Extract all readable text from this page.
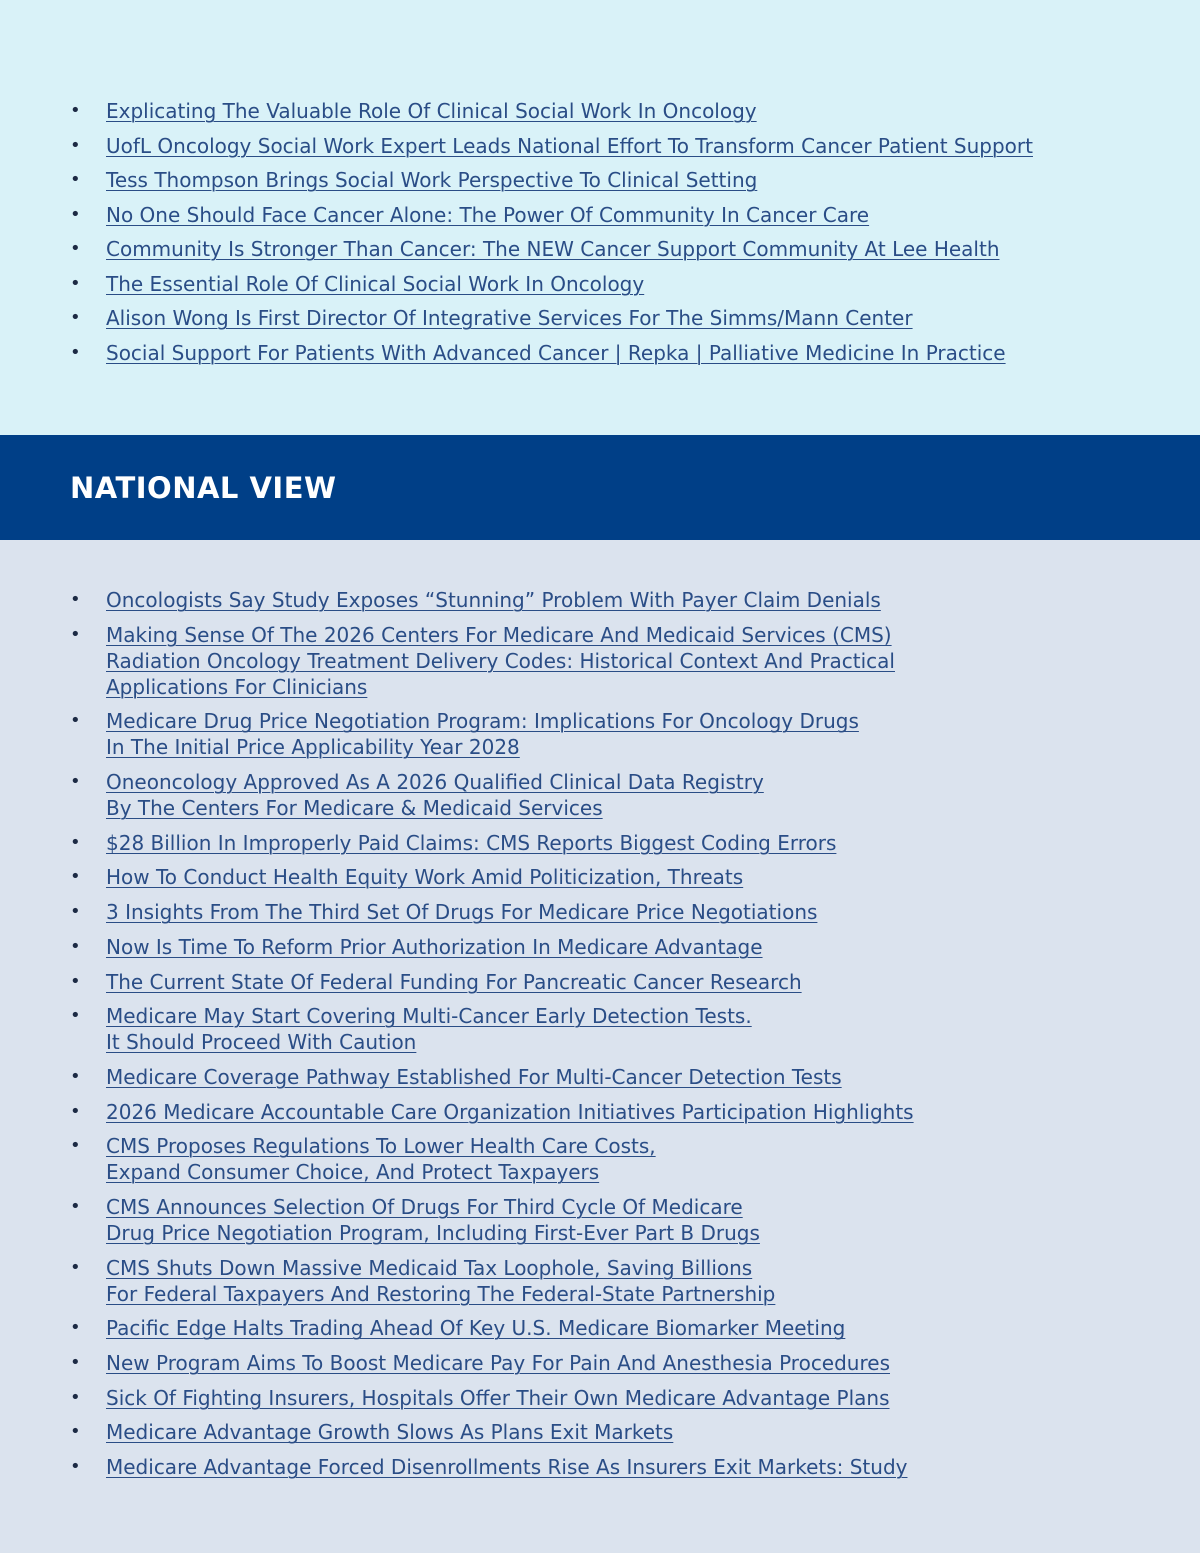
• Explicating The Valuable Role Of Clinical Social Work In Oncology
• UofL Oncology Social Work Expert Leads National Effort To Transform Cancer Patient Support
• Tess Thompson Brings Social Work Perspective To Clinical Setting
• No One Should Face Cancer Alone: The Power Of Community In Cancer Care
• Community Is Stronger Than Cancer: The NEW Cancer Support Community At Lee Health
• The Essential Role Of Clinical Social Work In Oncology
• Alison Wong Is First Director Of Integrative Services For The Simms/Mann Center
• Social Support For Patients With Advanced Cancer | Repka | Palliative Medicine In Practice
NATIONAL VIEW
• Oncologists Say Study Exposes “Stunning” Problem With Payer Claim Denials
• Making Sense Of The 2026 Centers For Medicare And Medicaid Services (CMS)
Radiation Oncology Treatment Delivery Codes: Historical Context And Practical
Applications For Clinicians
• Medicare Drug Price Negotiation Program: Implications For Oncology Drugs
In The Initial Price Applicability Year 2028
• Oneoncology Approved As A 2026 Qualified Clinical Data Registry
By The Centers For Medicare & Medicaid Services
• $28 Billion In Improperly Paid Claims: CMS Reports Biggest Coding Errors
• How To Conduct Health Equity Work Amid Politicization, Threats
• 3 Insights From The Third Set Of Drugs For Medicare Price Negotiations
• Now Is Time To Reform Prior Authorization In Medicare Advantage
• The Current State Of Federal Funding For Pancreatic Cancer Research
• Medicare May Start Covering Multi-Cancer Early Detection Tests.
It Should Proceed With Caution
• Medicare Coverage Pathway Established For Multi-Cancer Detection Tests
• 2026 Medicare Accountable Care Organization Initiatives Participation Highlights
• CMS Proposes Regulations To Lower Health Care Costs,
Expand Consumer Choice, And Protect Taxpayers
• CMS Announces Selection Of Drugs For Third Cycle Of Medicare
Drug Price Negotiation Program, Including First-Ever Part B Drugs
• CMS Shuts Down Massive Medicaid Tax Loophole, Saving Billions
For Federal Taxpayers And Restoring The Federal-State Partnership
• Pacific Edge Halts Trading Ahead Of Key U.S. Medicare Biomarker Meeting
• New Program Aims To Boost Medicare Pay For Pain And Anesthesia Procedures
• Sick Of Fighting Insurers, Hospitals Offer Their Own Medicare Advantage Plans
• Medicare Advantage Growth Slows As Plans Exit Markets
• Medicare Advantage Forced Disenrollments Rise As Insurers Exit Markets: Study
